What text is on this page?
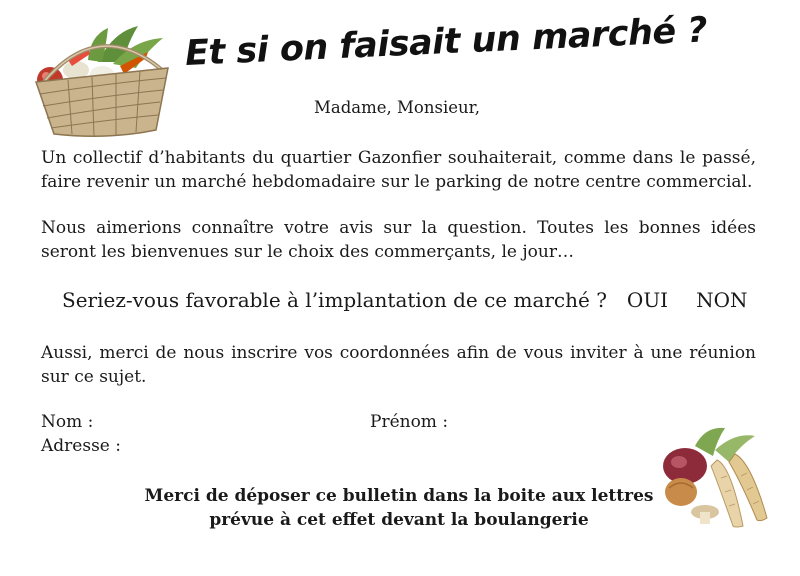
Et si on faisait un marché ?
Madame, Monsieur,
Un collectif d’habitants du quartier Gazonfier souhaiterait, comme dans le passé, faire revenir un marché hebdomadaire sur le parking de notre centre commercial.
Nous aimerions connaître votre avis sur la question. Toutes les bonnes idées seront les bienvenues sur le choix des commerçants, le jour…
Seriez-vous favorable à l’implantation de ce marché ? OUI NON
Aussi, merci de nous inscrire vos coordonnées afin de vous inviter à une réunion sur ce sujet.
Nom :	Prénom :
Adresse :
Merci de déposer ce bulletin dans la boite aux lettres
prévue à cet effet devant la boulangerie
